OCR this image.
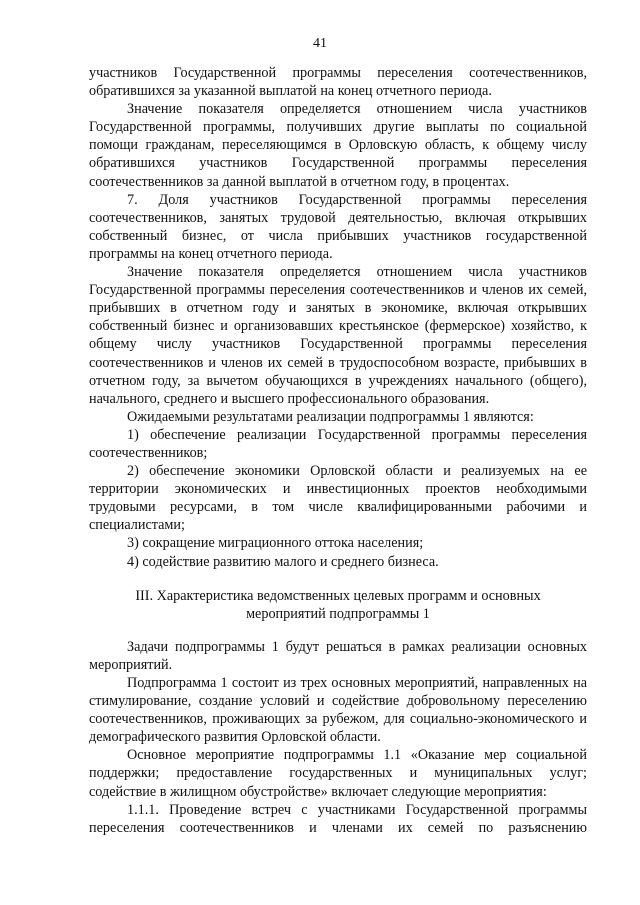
41

участников Государственной программы переселения соотечественников, обратившихся за указанной выплатой на конец отчетного периода.

Значение показателя определяется отношением числа участников Государственной программы, получивших другие выплаты по социальной помощи гражданам, переселяющимся в Орловскую область, к общему числу обратившихся участников Государственной программы переселения соотечественников за данной выплатой в отчетном году, в процентах.

7. Доля участников Государственной программы переселения соотечественников, занятых трудовой деятельностью, включая открывших собственный бизнес, от числа прибывших участников государственной программы на конец отчетного периода.

Значение показателя определяется отношением числа участников Государственной программы переселения соотечественников и членов их семей, прибывших в отчетном году и занятых в экономике, включая открывших собственный бизнес и организовавших крестьянское (фермерское) хозяйство, к общему числу участников Государственной программы переселения соотечественников и членов их семей в трудоспособном возрасте, прибывших в отчетном году, за вычетом обучающихся в учреждениях начального (общего), начального, среднего и высшего профессионального образования.

Ожидаемыми результатами реализации подпрограммы 1 являются:

1) обеспечение реализации Государственной программы переселения соотечественников;

2) обеспечение экономики Орловской области и реализуемых на ее территории экономических и инвестиционных проектов необходимыми трудовыми ресурсами, в том числе квалифицированными рабочими и специалистами;

3) сокращение миграционного оттока населения;

4) содействие развитию малого и среднего бизнеса.

III. Характеристика ведомственных целевых программ и основных мероприятий подпрограммы 1

Задачи подпрограммы 1 будут решаться в рамках реализации основных мероприятий.

Подпрограмма 1 состоит из трех основных мероприятий, направленных на стимулирование, создание условий и содействие добровольному переселению соотечественников, проживающих за рубежом, для социально-экономического и демографического развития Орловской области.

Основное мероприятие подпрограммы 1.1 «Оказание мер социальной поддержки; предоставление государственных и муниципальных услуг; содействие в жилищном обустройстве» включает следующие мероприятия:

1.1.1. Проведение встреч с участниками Государственной программы переселения соотечественников и членами их семей по разъяснению
